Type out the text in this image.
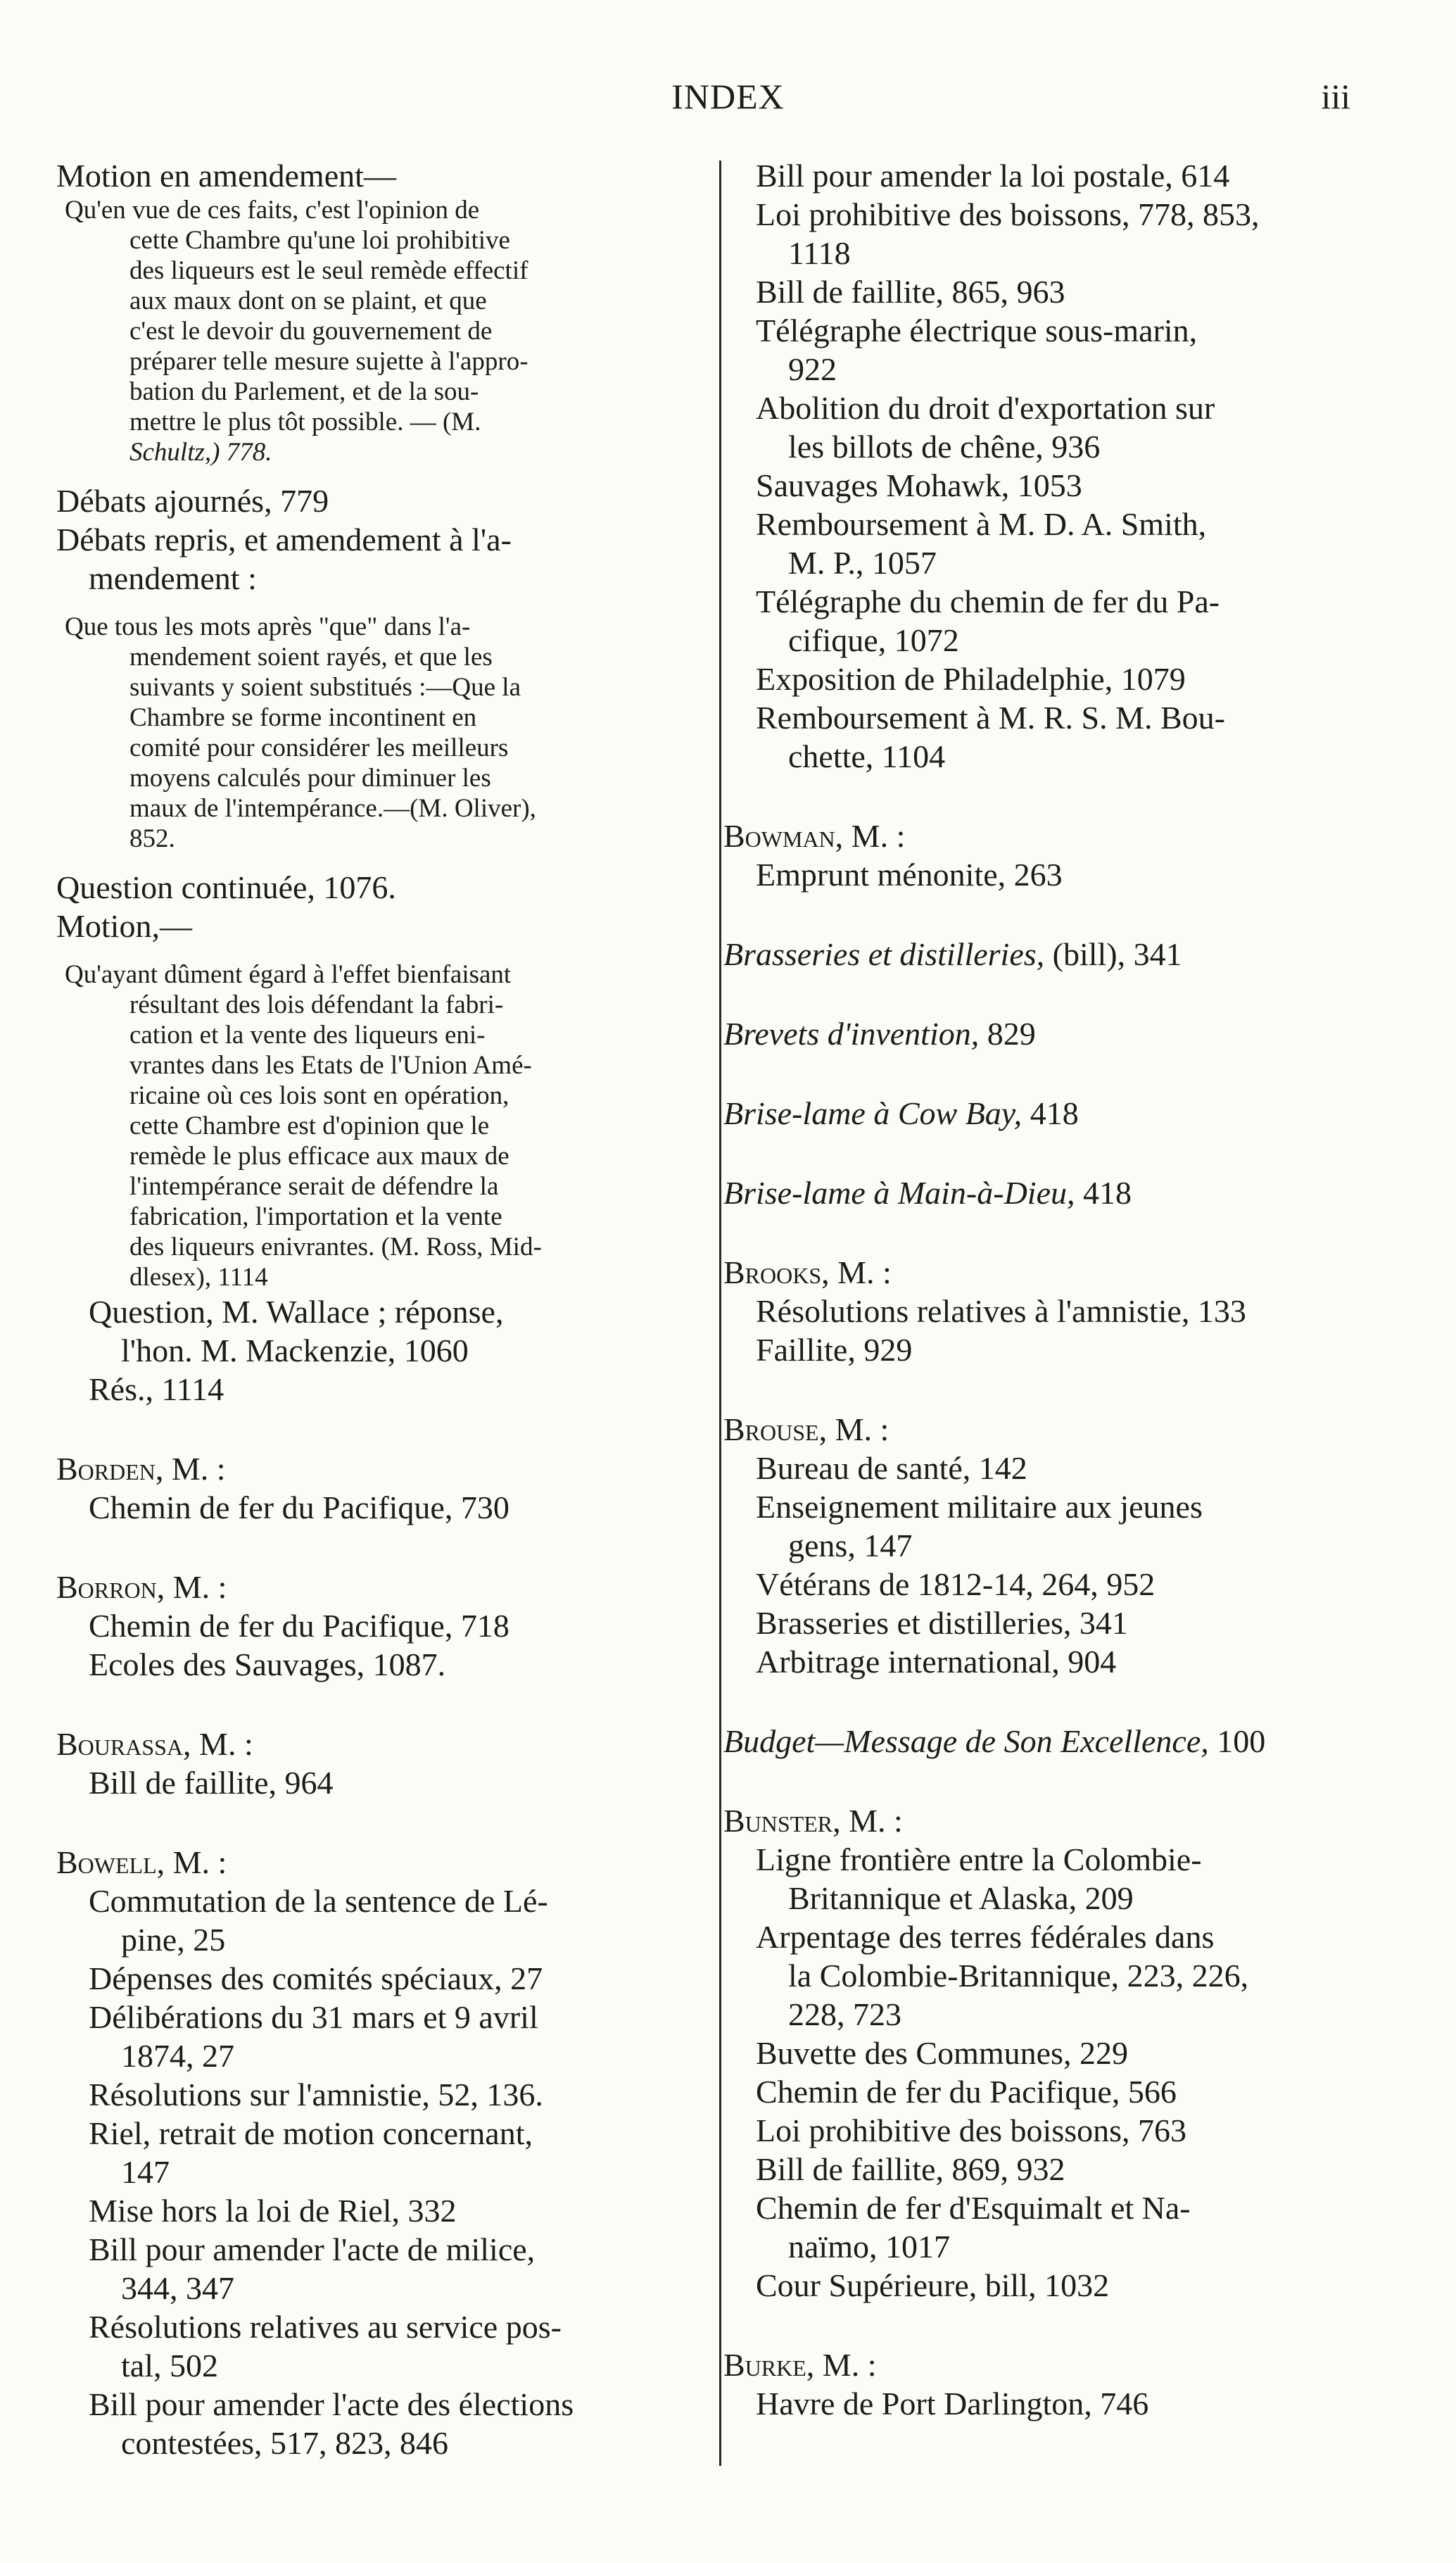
INDEX	iii
Motion en amendement—
Qu'en vue de ces faits, c'est l'opinion de
cette Chambre qu'une loi prohibitive
des liqueurs est le seul remède effectif
aux maux dont on se plaint, et que
c'est le devoir du gouvernement de
préparer telle mesure sujette à l'appro-
bation du Parlement, et de la sou-
mettre le plus tôt possible. — (M.
Schultz,) 778.
Débats ajournés, 779
Débats repris, et amendement à l'a-
mendement :
Que tous les mots après "que" dans l'a-
mendement soient rayés, et que les
suivants y soient substitués :—Que la
Chambre se forme incontinent en
comité pour considérer les meilleurs
moyens calculés pour diminuer les
maux de l'intempérance.—(M. Oliver),
852.
Question continuée, 1076.
Motion,—
Qu'ayant dûment égard à l'effet bienfaisant
résultant des lois défendant la fabri-
cation et la vente des liqueurs eni-
vrantes dans les Etats de l'Union Amé-
ricaine où ces lois sont en opération,
cette Chambre est d'opinion que le
remède le plus efficace aux maux de
l'intempérance serait de défendre la
fabrication, l'importation et la vente
des liqueurs enivrantes. (M. Ross, Mid-
dlesex), 1114
Question, M. Wallace ; réponse,
l'hon. M. Mackenzie, 1060
Rés., 1114
Borden, M. :
Chemin de fer du Pacifique, 730
Borron, M. :
Chemin de fer du Pacifique, 718
Ecoles des Sauvages, 1087.
Bourassa, M. :
Bill de faillite, 964
Bowell, M. :
Commutation de la sentence de Lé-
pine, 25
Dépenses des comités spéciaux, 27
Délibérations du 31 mars et 9 avril
1874, 27
Résolutions sur l'amnistie, 52, 136.
Riel, retrait de motion concernant,
147
Mise hors la loi de Riel, 332
Bill pour amender l'acte de milice,
344, 347
Résolutions relatives au service pos-
tal, 502
Bill pour amender l'acte des élections
contestées, 517, 823, 846
Bill pour amender la loi postale, 614
Loi prohibitive des boissons, 778, 853,
1118
Bill de faillite, 865, 963
Télégraphe électrique sous-marin,
922
Abolition du droit d'exportation sur
les billots de chêne, 936
Sauvages Mohawk, 1053
Remboursement à M. D. A. Smith,
M. P., 1057
Télégraphe du chemin de fer du Pa-
cifique, 1072
Exposition de Philadelphie, 1079
Remboursement à M. R. S. M. Bou-
chette, 1104
Bowman, M. :
Emprunt ménonite, 263
Brasseries et distilleries, (bill), 341
Brevets d'invention, 829
Brise-lame à Cow Bay, 418
Brise-lame à Main-à-Dieu, 418
Brooks, M. :
Résolutions relatives à l'amnistie, 133
Faillite, 929
Brouse, M. :
Bureau de santé, 142
Enseignement militaire aux jeunes
gens, 147
Vétérans de 1812-14, 264, 952
Brasseries et distilleries, 341
Arbitrage international, 904
Budget—Message de Son Excellence, 100
Bunster, M. :
Ligne frontière entre la Colombie-
Britannique et Alaska, 209
Arpentage des terres fédérales dans
la Colombie-Britannique, 223, 226,
228, 723
Buvette des Communes, 229
Chemin de fer du Pacifique, 566
Loi prohibitive des boissons, 763
Bill de faillite, 869, 932
Chemin de fer d'Esquimalt et Na-
naïmo, 1017
Cour Supérieure, bill, 1032
Burke, M. :
Havre de Port Darlington, 746
